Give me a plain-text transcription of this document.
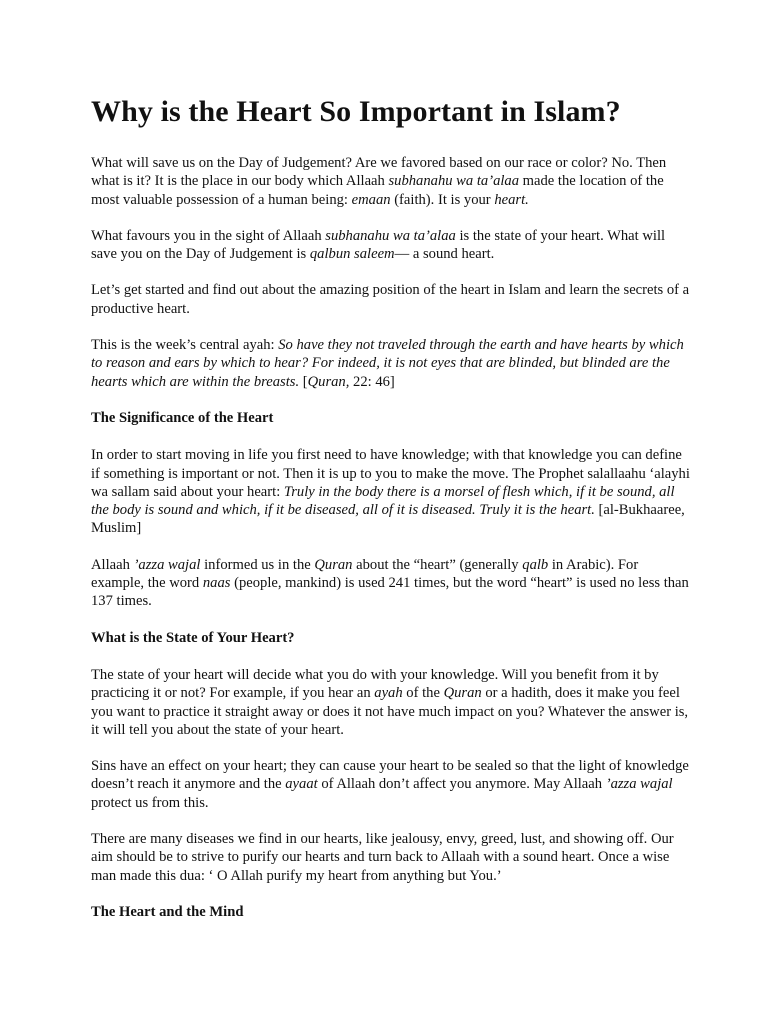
Why is the Heart So Important in Islam?

What will save us on the Day of Judgement? Are we favored based on our race or color? No. Then what is it? It is the place in our body which Allaah subhanahu wa ta’alaa made the location of the most valuable possession of a human being: emaan (faith). It is your heart.

What favours you in the sight of Allaah subhanahu wa ta’alaa is the state of your heart. What will save you on the Day of Judgement is qalbun saleem— a sound heart.

Let’s get started and find out about the amazing position of the heart in Islam and learn the secrets of a productive heart.

This is the week’s central ayah: So have they not traveled through the earth and have hearts by which to reason and ears by which to hear? For indeed, it is not eyes that are blinded, but blinded are the hearts which are within the breasts. [Quran, 22: 46]

The Significance of the Heart

In order to start moving in life you first need to have knowledge; with that knowledge you can define if something is important or not. Then it is up to you to make the move. The Prophet salallaahu ‘alayhi wa sallam said about your heart: Truly in the body there is a morsel of flesh which, if it be sound, all the body is sound and which, if it be diseased, all of it is diseased. Truly it is the heart. [al-Bukhaaree, Muslim]

Allaah ’azza wajal informed us in the Quran about the “heart” (generally qalb in Arabic). For example, the word naas (people, mankind) is used 241 times, but the word “heart” is used no less than 137 times.

What is the State of Your Heart?

The state of your heart will decide what you do with your knowledge. Will you benefit from it by practicing it or not? For example, if you hear an ayah of the Quran or a hadith, does it make you feel you want to practice it straight away or does it not have much impact on you? Whatever the answer is, it will tell you about the state of your heart.

Sins have an effect on your heart; they can cause your heart to be sealed so that the light of knowledge doesn’t reach it anymore and the ayaat of Allaah don’t affect you anymore. May Allaah ’azza wajal protect us from this.

There are many diseases we find in our hearts, like jealousy, envy, greed, lust, and showing off. Our aim should be to strive to purify our hearts and turn back to Allaah with a sound heart. Once a wise man made this dua: ‘ O Allah purify my heart from anything but You.’

The Heart and the Mind
